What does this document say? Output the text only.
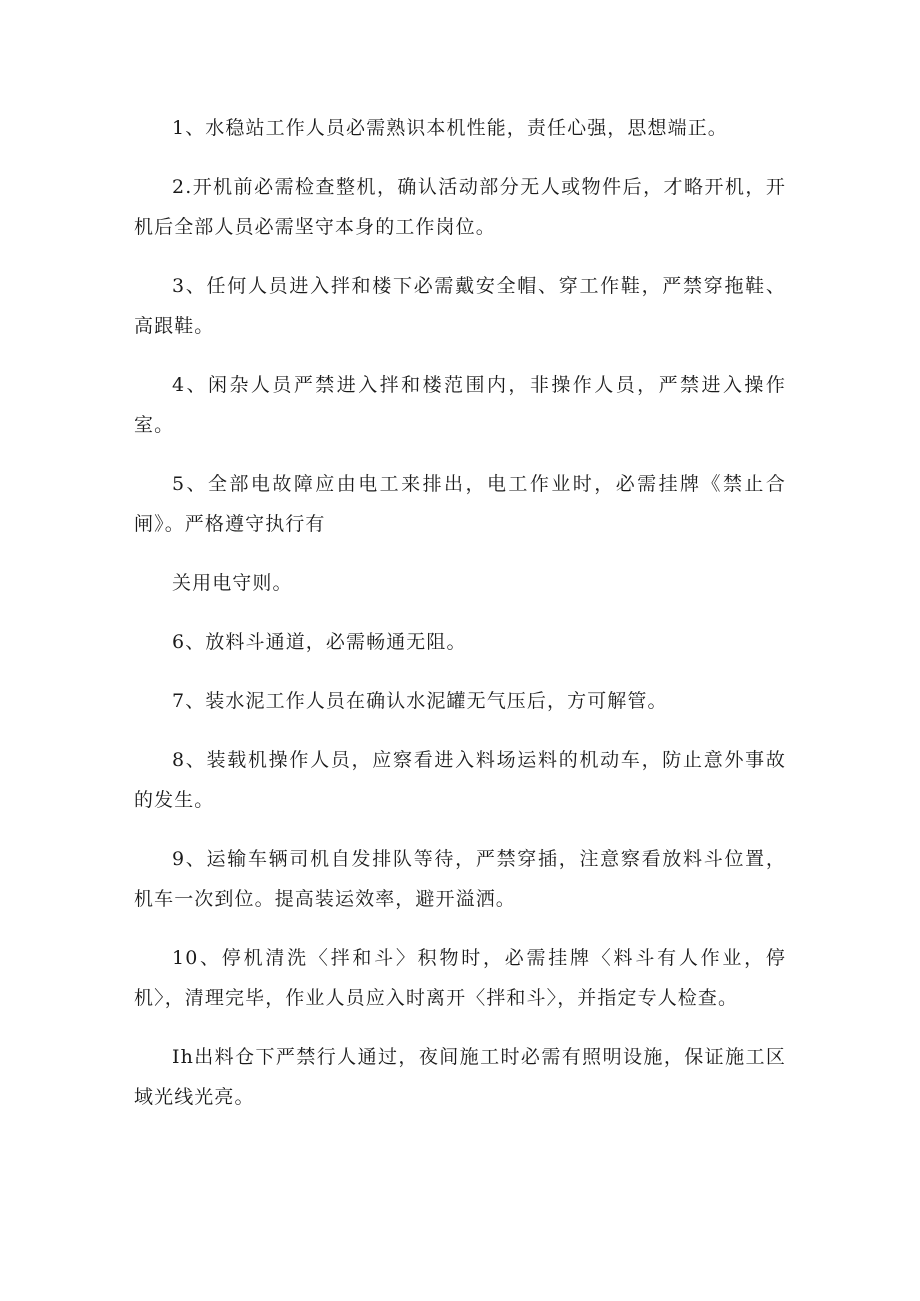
1、水稳站工作人员必需熟识本机性能，责任心强，思想端正。

2.开机前必需检查整机，确认活动部分无人或物件后，才略开机，开机后全部人员必需坚守本身的工作岗位。

3、任何人员进入拌和楼下必需戴安全帽、穿工作鞋，严禁穿拖鞋、高跟鞋。

4、闲杂人员严禁进入拌和楼范围内，非操作人员，严禁进入操作室。

5、全部电故障应由电工来排出，电工作业时，必需挂牌《禁止合闸》。严格遵守执行有

关用电守则。

6、放料斗通道，必需畅通无阻。

7、装水泥工作人员在确认水泥罐无气压后，方可解管。

8、装载机操作人员，应察看进入料场运料的机动车，防止意外事故的发生。

9、运输车辆司机自发排队等待，严禁穿插，注意察看放料斗位置，机车一次到位。提高装运效率，避开溢洒。

10、停机清洗〈拌和斗〉积物时，必需挂牌〈料斗有人作业，停机〉，清理完毕，作业人员应入时离开〈拌和斗〉，并指定专人检查。

Ih出料仓下严禁行人通过，夜间施工时必需有照明设施，保证施工区域光线光亮。
